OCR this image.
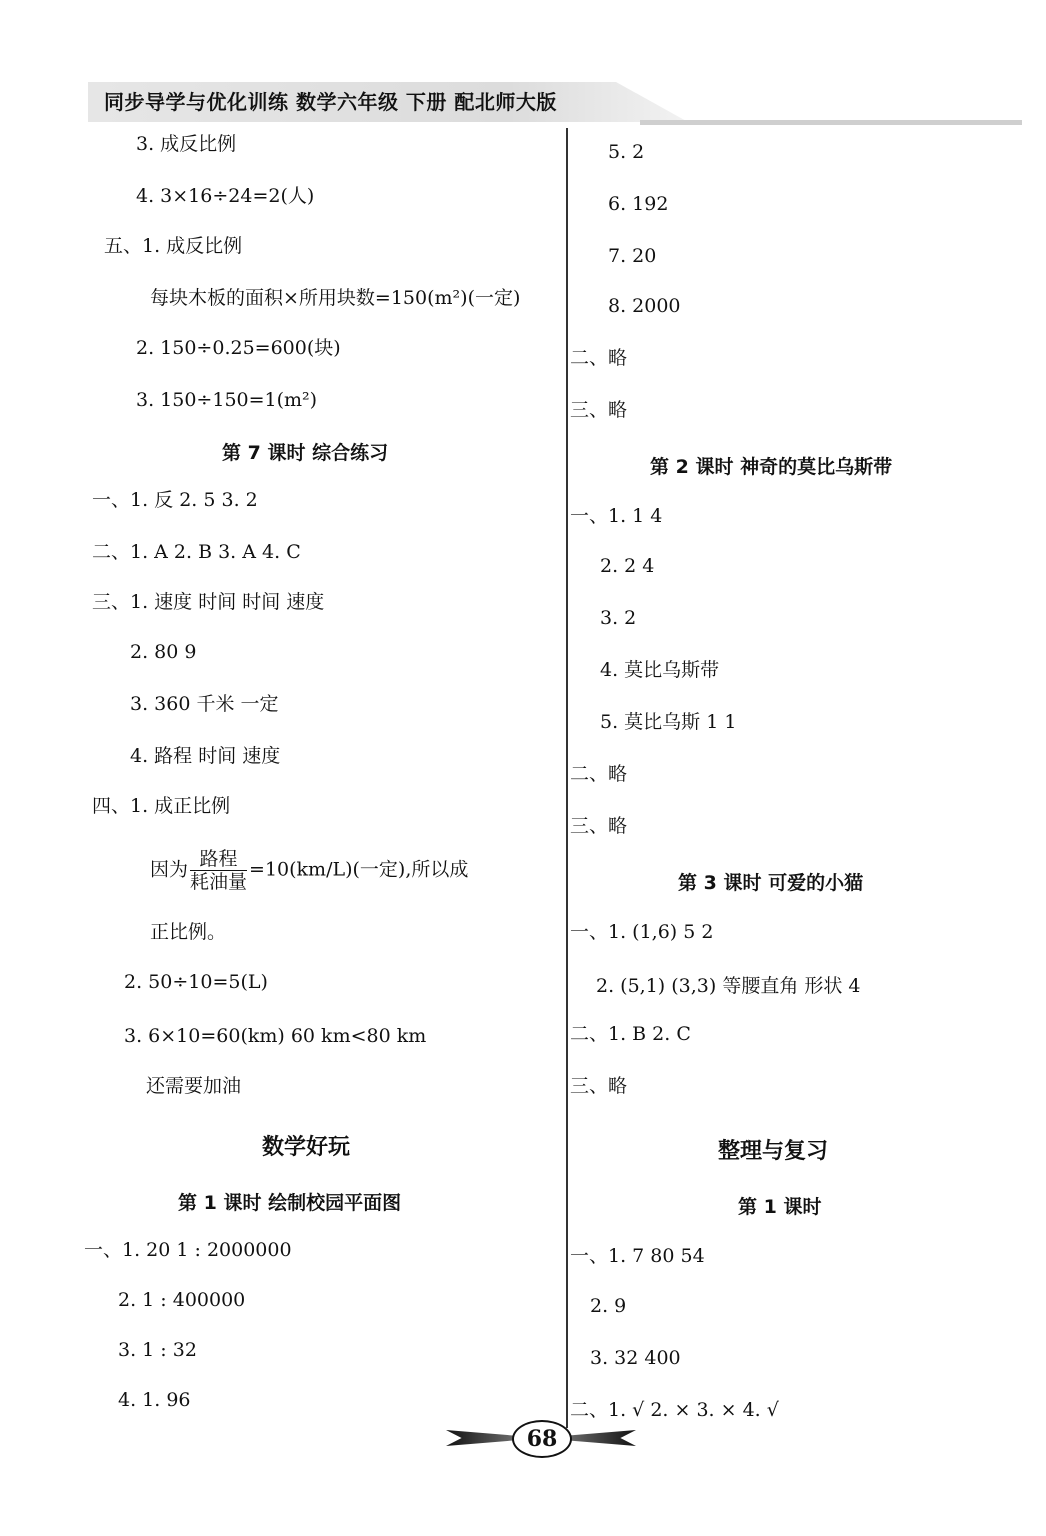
同步导学与优化训练 数学六年级 下册 配北师大版
3. 成反比例
4. 3×16÷24=2(人)
五、1. 成反比例
每块木板的面积×所用块数=150(m²)(一定)
2. 150÷0.25=600(块)
3. 150÷150=1(m²)
第 7 课时 综合练习
一、1. 反 2. 5 3. 2
二、1. A 2. B 3. A 4. C
三、1. 速度 时间 时间 速度
2. 80 9
3. 360 千米 一定
4. 路程 时间 速度
四、1. 成正比例
因为 $\frac{\text{路程}}{\text{耗油量}} =10(km/L)$(一定),所以成
正比例。
2. 50÷10=5(L)
3. 6×10=60(km) 60 km<80 km
还需要加油
数学好玩
第 1 课时 绘制校园平面图
一、1. 20 1 : 2000000
2. 1 : 400000
3. 1 : 32
4. 1. 96
5. 2
6. 192
7. 20
8. 2000
二、略
三、略
第 2 课时 神奇的莫比乌斯带
一、1. 1 4
2. 2 4
3. 2
4. 莫比乌斯带
5. 莫比乌斯 1 1
二、略
三、略
第 3 课时 可爱的小猫
一、1. (1,6) 5 2
2. (5,1) (3,3) 等腰直角 形状 4
二、1. B 2. C
三、略
整理与复习
第 1 课时
一、1. 7 80 54
2. 9
3. 32 400
二、1. √ 2. × 3. × 4. √
68
